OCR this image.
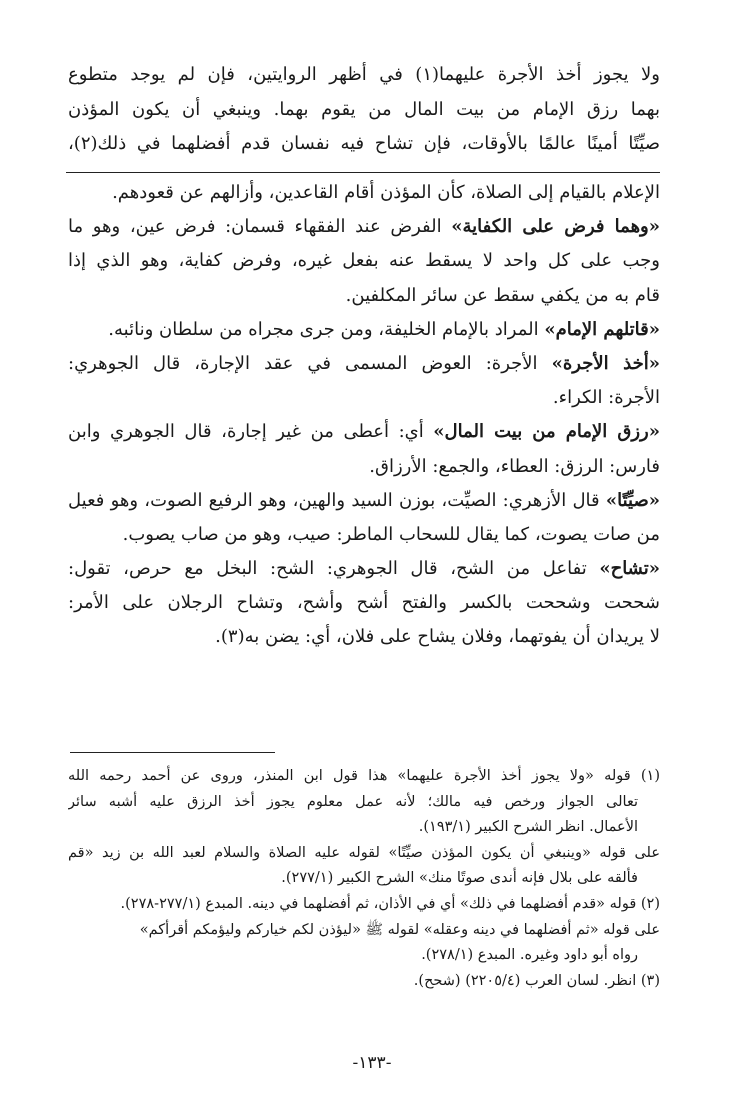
ولا يجوز أخذ الأجرة عليهما(١) في أظهر الروايتين، فإن لم يوجد متطوع
بهما رزق الإمام من بيت المال من يقوم بهما. وينبغي أن يكون المؤذن
صيِّتًا أمينًا عالمًا بالأوقات، فإن تشاح فيه نفسان قدم أفضلهما في ذلك(٢)،
الإعلام بالقيام إلى الصلاة، كأن المؤذن أقام القاعدين، وأزالهم عن قعودهم.
«وهما فرض على الكفاية» الفرض عند الفقهاء قسمان: فرض عين، وهو ما
وجب على كل واحد لا يسقط عنه بفعل غيره، وفرض كفاية، وهو الذي إذا
قام به من يكفي سقط عن سائر المكلفين.
«قاتلهم الإمام» المراد بالإمام الخليفة، ومن جرى مجراه من سلطان ونائبه.
«أخذ الأجرة» الأجرة: العوض المسمى في عقد الإجارة، قال الجوهري:
الأجرة: الكراء.
«رزق الإمام من بيت المال» أي: أعطى من غير إجارة، قال الجوهري وابن
فارس: الرزق: العطاء، والجمع: الأرزاق.
«صيِّتًا» قال الأزهري: الصيِّت، بوزن السيد والهين، وهو الرفيع الصوت، وهو فعيل
من صات يصوت، كما يقال للسحاب الماطر: صيب، وهو من صاب يصوب.
«تشاح» تفاعل من الشح، قال الجوهري: الشح: البخل مع حرص، تقول:
شححت وشححت بالكسر والفتح أشح وأشح، وتشاح الرجلان على الأمر:
لا يريدان أن يفوتهما، وفلان يشاح على فلان، أي: يضن به(٣).
(١) قوله «ولا يجوز أخذ الأجرة عليهما» هذا قول ابن المنذر، وروى عن أحمد رحمه الله
تعالى الجواز ورخص فيه مالك؛ لأنه عمل معلوم يجوز أخذ الرزق عليه أشبه سائر
الأعمال. انظر الشرح الكبير (١٩٣/١).
على قوله «وينبغي أن يكون المؤذن صيِّتًا» لقوله عليه الصلاة والسلام لعبد الله بن زيد «قم
فألقه على بلال فإنه أندى صوتًا منك» الشرح الكبير (٢٧٧/١).
(٢) قوله «قدم أفضلهما في ذلك» أي في الأذان، ثم أفضلهما في دينه. المبدع (٢٧٧/١-٢٧٨).
على قوله «ثم أفضلهما في دينه وعقله» لقوله ﷺ «ليؤذن لكم خياركم وليؤمكم أقرأكم»
رواه أبو داود وغيره. المبدع (٢٧٨/١).
(٣) انظر. لسان العرب (٢٢٠٥/٤) (شحح).
-١٣٣-
